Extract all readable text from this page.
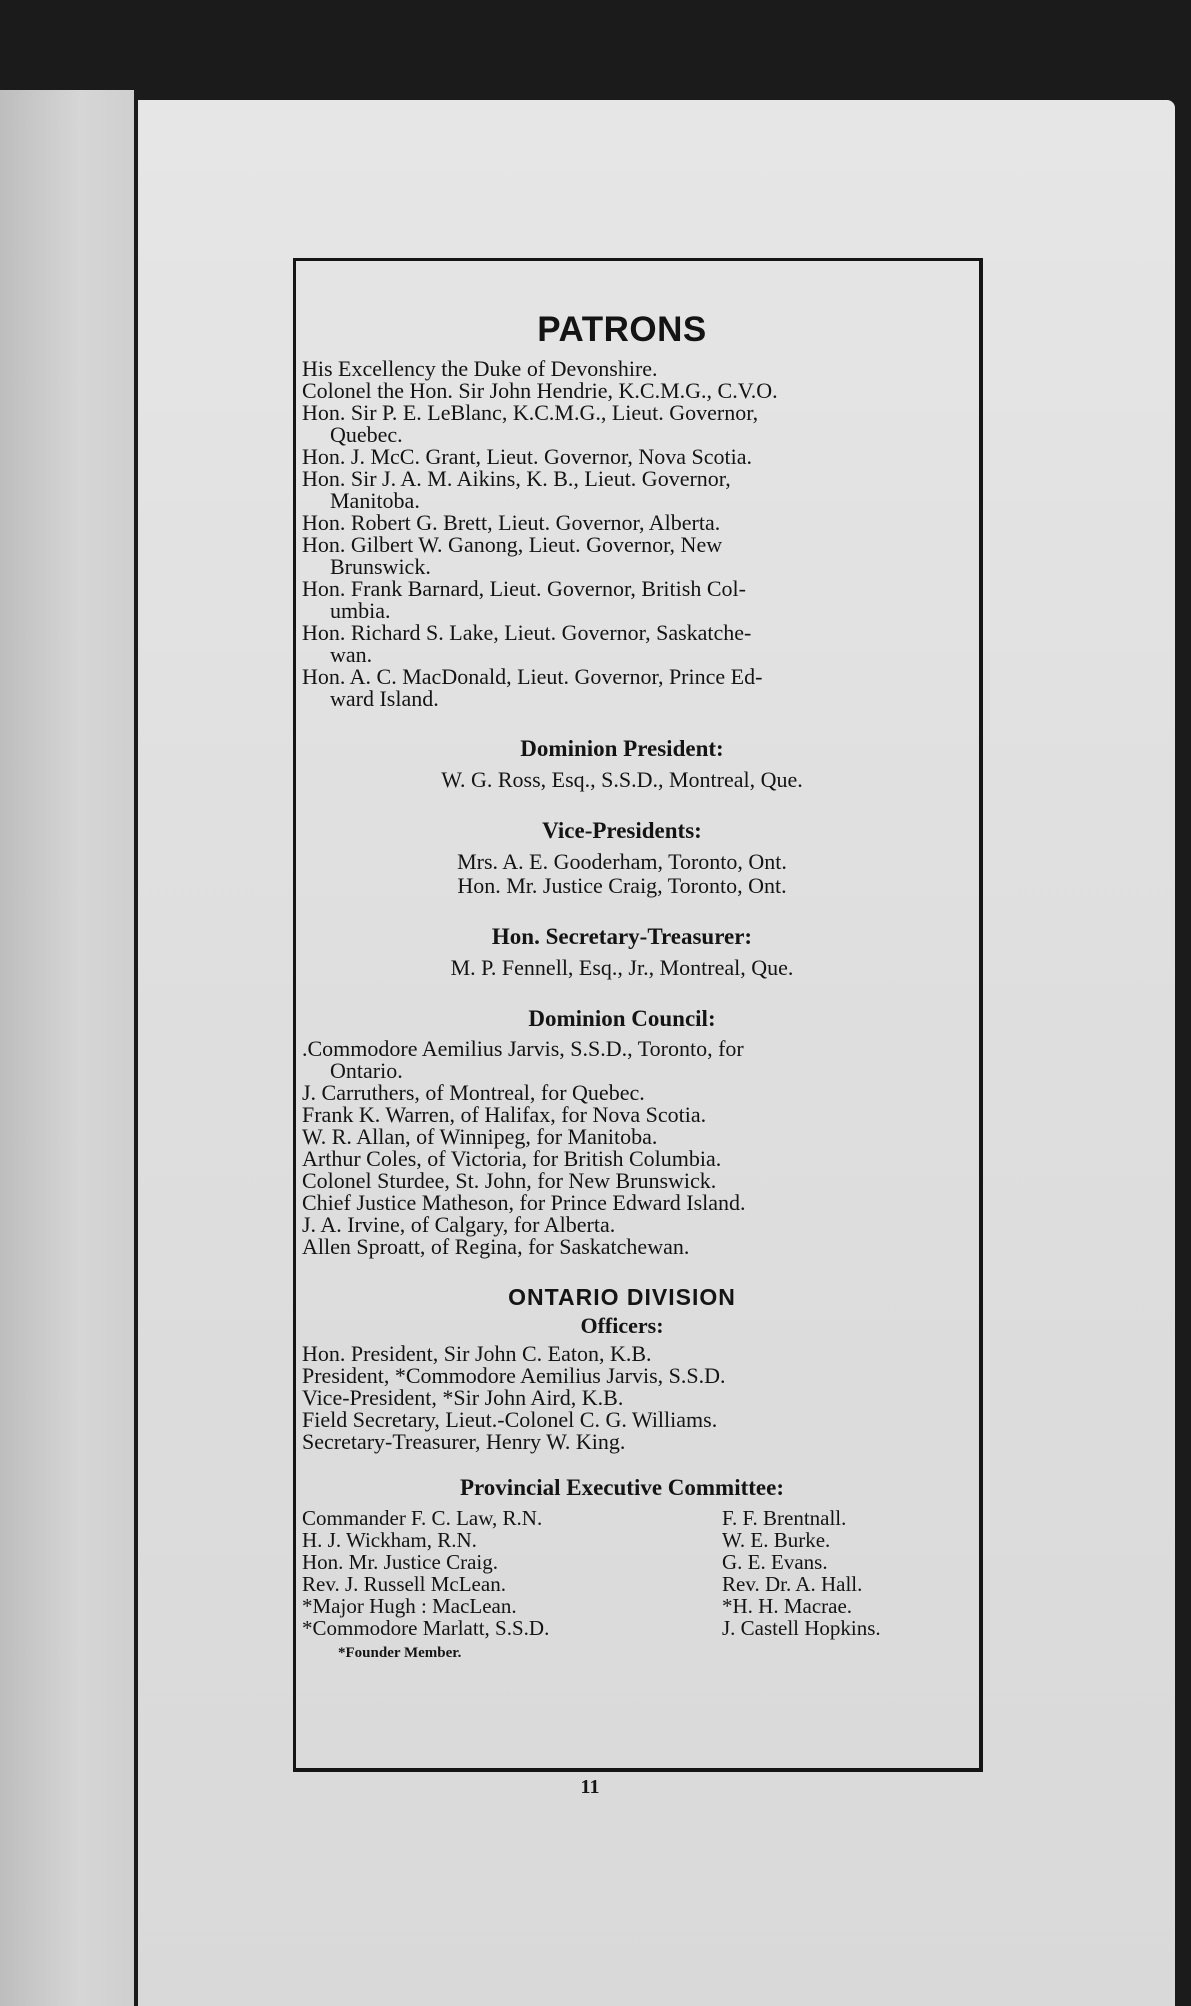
PATRONS

His Excellency the Duke of Devonshire.

Colonel the Hon. Sir John Hendrie, K.C.M.G., C.V.O.

Hon. Sir P. E. LeBlanc, K.C.M.G., Lieut. Governor,
Quebec.

Hon. J. McC. Grant, Lieut. Governor, Nova Scotia.

Hon. Sir J. A. M. Aikins, K. B., Lieut. Governor,
Manitoba.

Hon. Robert G. Brett, Lieut. Governor, Alberta.

Hon. Gilbert W. Ganong, Lieut. Governor, New
Brunswick.

Hon. Frank Barnard, Lieut. Governor, British Col-
umbia.

Hon. Richard S. Lake, Lieut. Governor, Saskatche-
wan.

Hon. A. C. MacDonald, Lieut. Governor, Prince Ed-
ward Island.

Dominion President:
W. G. Ross, Esq., S.S.D., Montreal, Que.
Vice-Presidents:
Mrs. A. E. Gooderham, Toronto, Ont.
Hon. Mr. Justice Craig, Toronto, Ont.
Hon. Secretary-Treasurer:
M. P. Fennell, Esq., Jr., Montreal, Que.
Dominion Council:

.Commodore Aemilius Jarvis, S.S.D., Toronto, for
Ontario.

J. Carruthers, of Montreal, for Quebec.

Frank K. Warren, of Halifax, for Nova Scotia.

W. R. Allan, of Winnipeg, for Manitoba.

Arthur Coles, of Victoria, for British Columbia.

Colonel Sturdee, St. John, for New Brunswick.

Chief Justice Matheson, for Prince Edward Island.

J. A. Irvine, of Calgary, for Alberta.

Allen Sproatt, of Regina, for Saskatchewan.

ONTARIO DIVISION
Officers:
Hon. President, Sir John C. Eaton, K.B.
President, *Commodore Aemilius Jarvis, S.S.D.
Vice-President, *Sir John Aird, K.B.
Field Secretary, Lieut.-Colonel C. G. Williams.
Secretary-Treasurer, Henry W. King.
Provincial Executive Committee:
Commander F. C. Law, R.N.
H. J. Wickham, R.N.
Hon. Mr. Justice Craig.
Rev. J. Russell McLean.
*Major Hugh : MacLean.
*Commodore Marlatt, S.S.D.
F. F. Brentnall.
W. E. Burke.
G. E. Evans.
Rev. Dr. A. Hall.
*H. H. Macrae.
J. Castell Hopkins.
*Founder Member.
11
